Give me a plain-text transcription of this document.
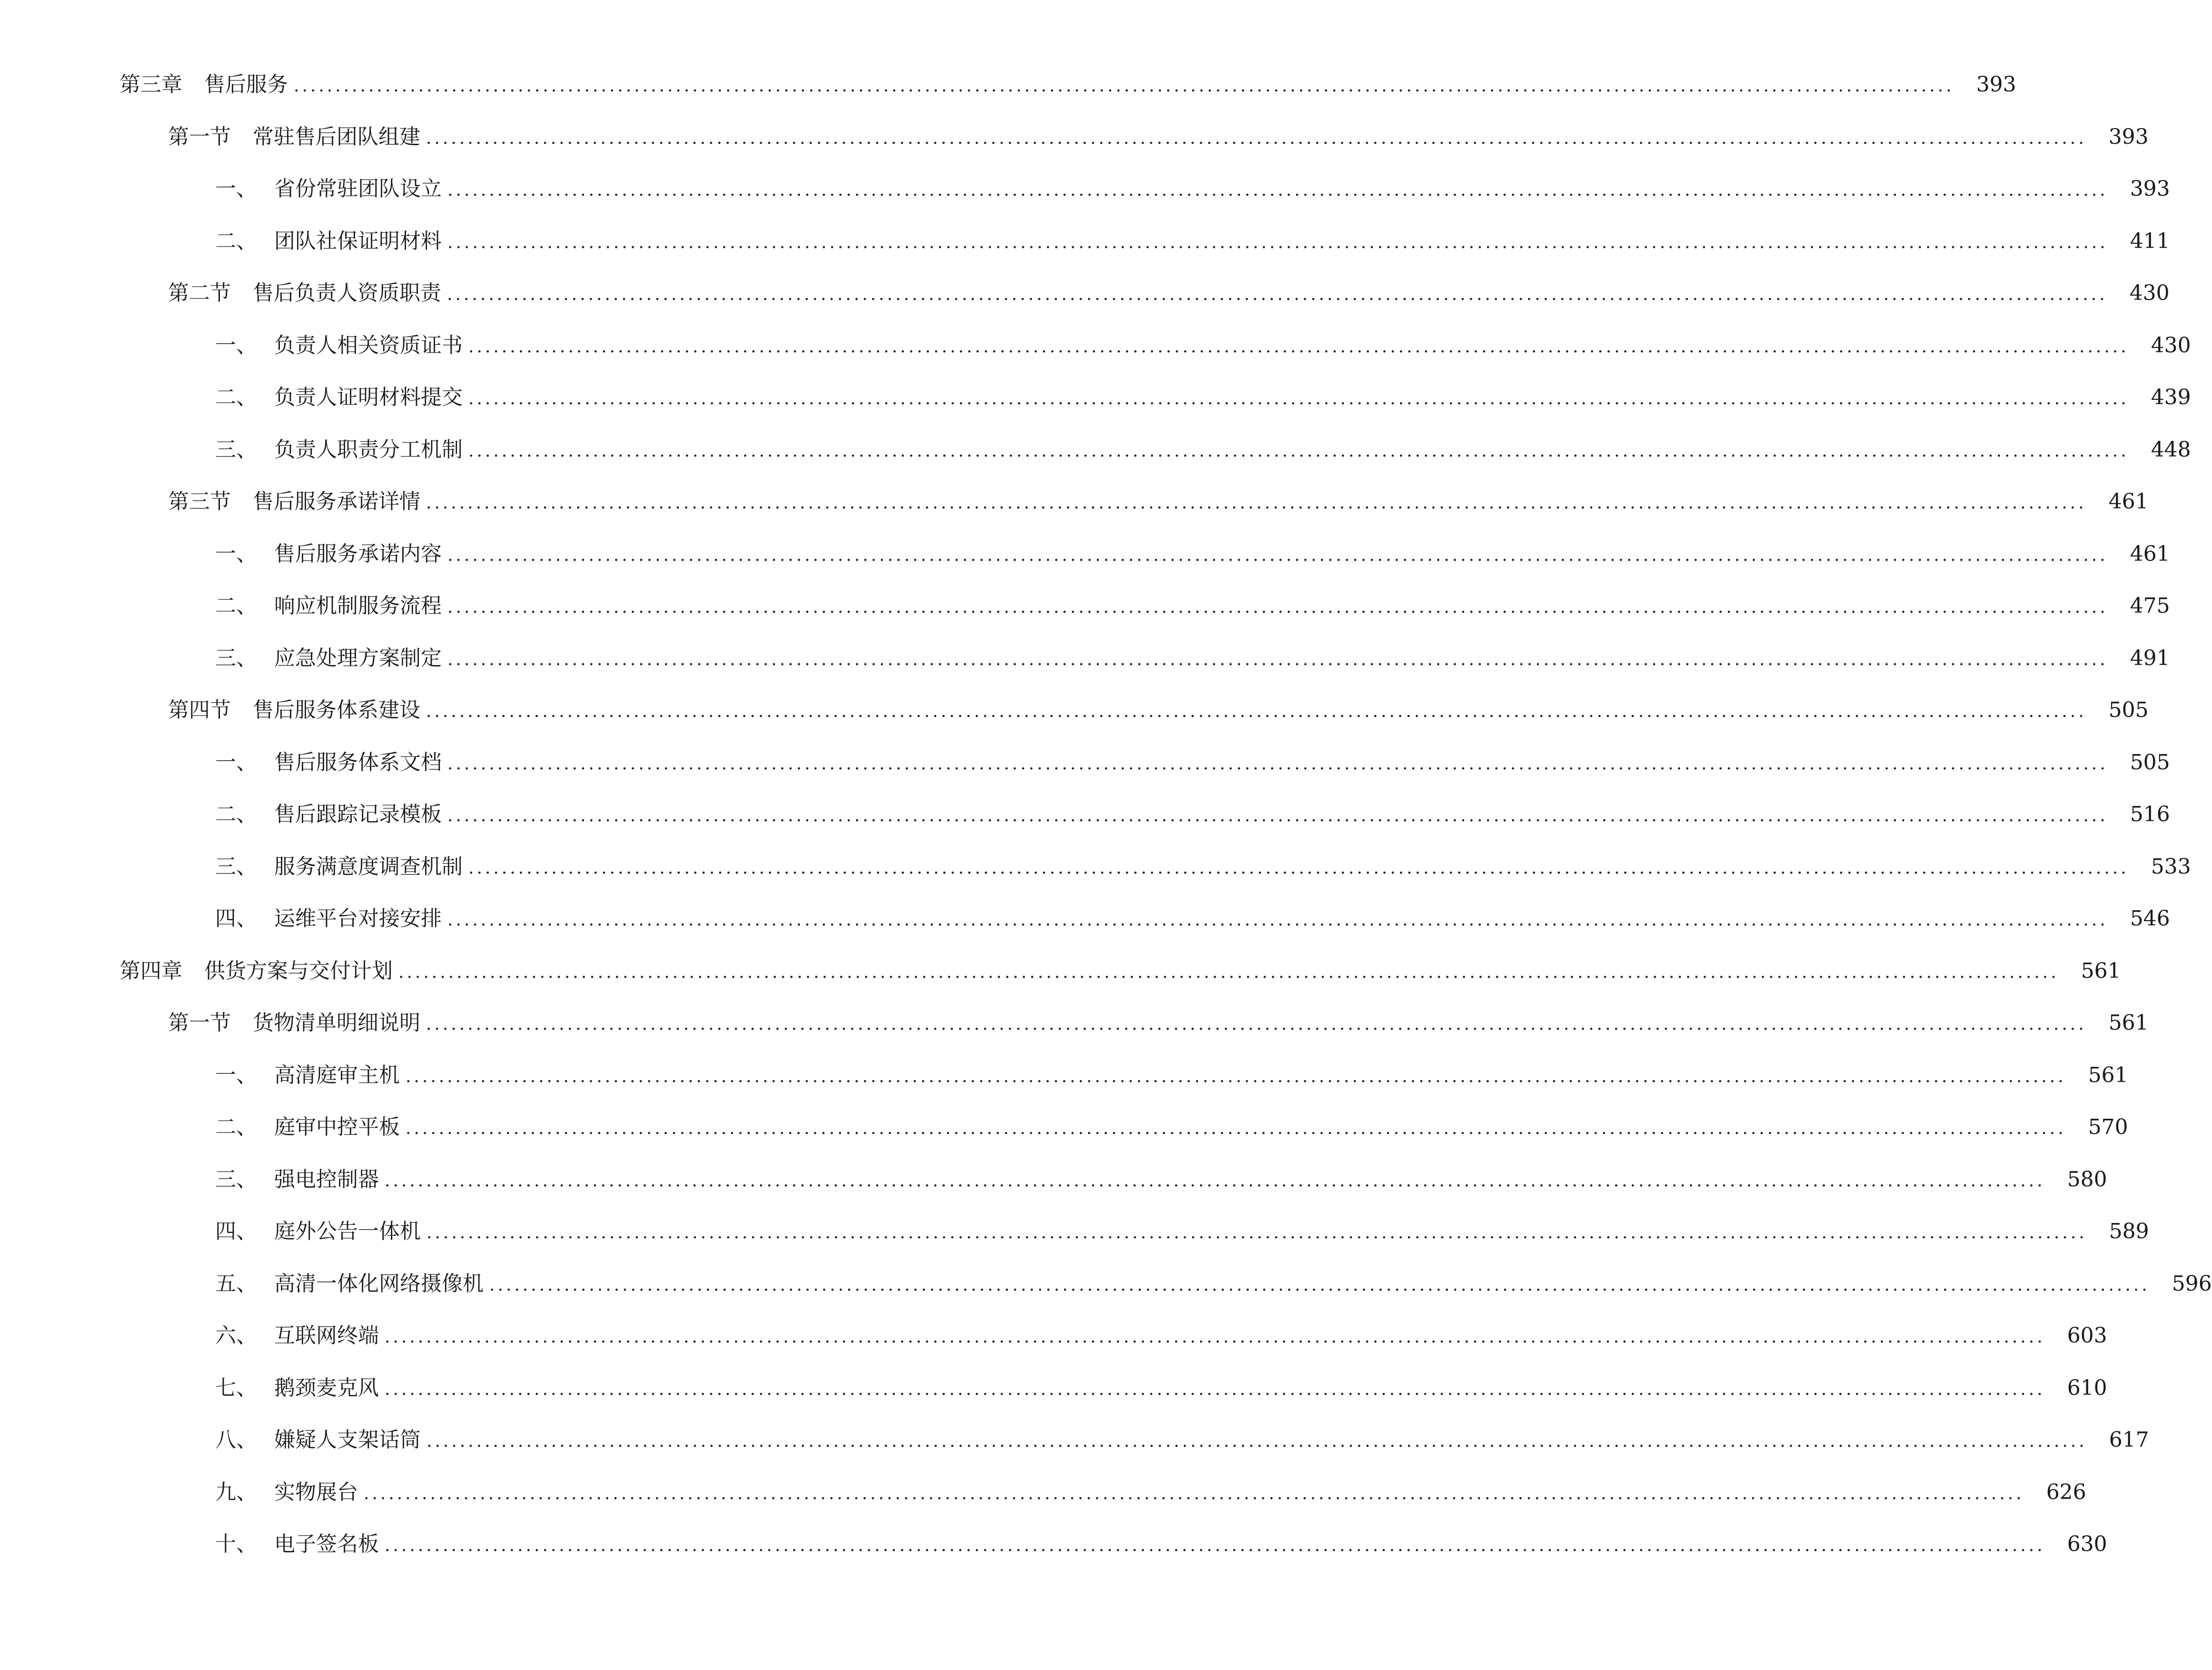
第三章	售后服务 ........................................................................................................................................................................................................	393
第一节	常驻售后团队组建 ........................................................................................................................................................................................................	393
一、 省份常驻团队设立 ........................................................................................................................................................................................................	393
二、 团队社保证明材料 ........................................................................................................................................................................................................	411
第二节	售后负责人资质职责 ........................................................................................................................................................................................................	430
一、 负责人相关资质证书 ........................................................................................................................................................................................................	430
二、 负责人证明材料提交 ........................................................................................................................................................................................................	439
三、 负责人职责分工机制 ........................................................................................................................................................................................................	448
第三节	售后服务承诺详情 ........................................................................................................................................................................................................	461
一、 售后服务承诺内容 ........................................................................................................................................................................................................	461
二、 响应机制服务流程 ........................................................................................................................................................................................................	475
三、 应急处理方案制定 ........................................................................................................................................................................................................	491
第四节	售后服务体系建设 ........................................................................................................................................................................................................	505
一、 售后服务体系文档 ........................................................................................................................................................................................................	505
二、 售后跟踪记录模板 ........................................................................................................................................................................................................	516
三、 服务满意度调查机制 ........................................................................................................................................................................................................	533
四、 运维平台对接安排 ........................................................................................................................................................................................................	546
第四章	供货方案与交付计划 ........................................................................................................................................................................................................	561
第一节	货物清单明细说明 ........................................................................................................................................................................................................	561
一、 高清庭审主机 ........................................................................................................................................................................................................	561
二、 庭审中控平板 ........................................................................................................................................................................................................	570
三、 强电控制器 ........................................................................................................................................................................................................	580
四、 庭外公告一体机 ........................................................................................................................................................................................................	589
五、 高清一体化网络摄像机 ........................................................................................................................................................................................................	596
六、 互联网终端 ........................................................................................................................................................................................................	603
七、 鹅颈麦克风 ........................................................................................................................................................................................................	610
八、 嫌疑人支架话筒 ........................................................................................................................................................................................................	617
九、 实物展台 ........................................................................................................................................................................................................	626
十、 电子签名板 ........................................................................................................................................................................................................	630
